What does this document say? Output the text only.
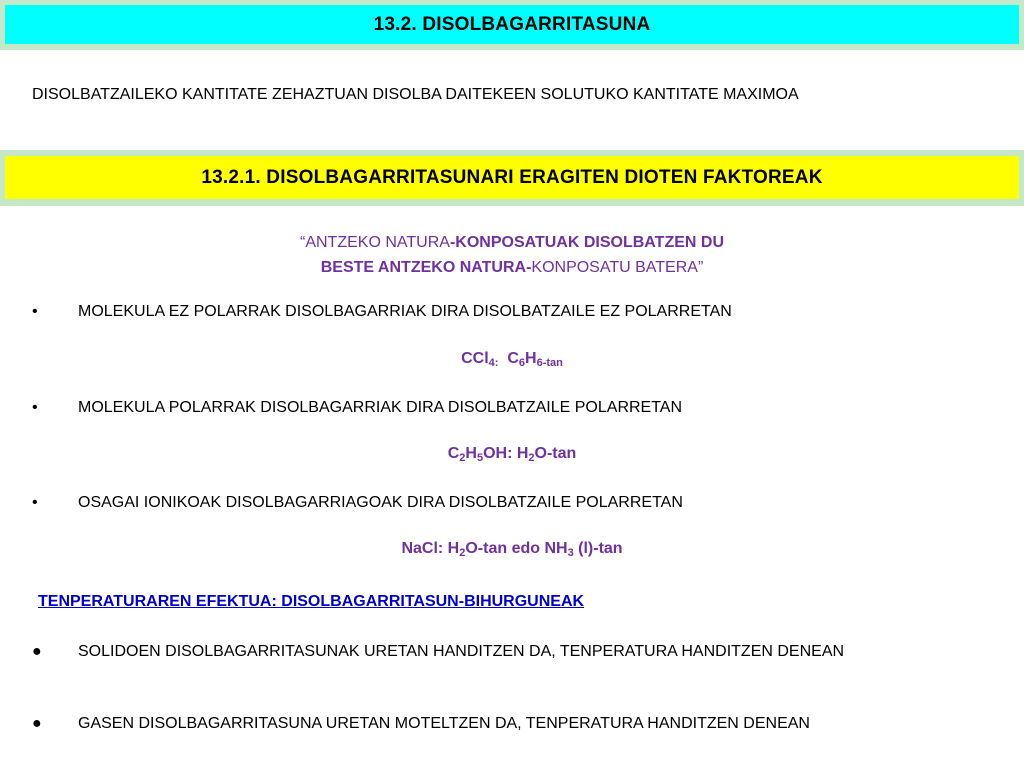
13.2. DISOLBAGARRITASUNA
DISOLBATZAILEKO KANTITATE ZEHAZTUAN DISOLBA DAITEKEEN SOLUTUKO KANTITATE MAXIMOA
13.2.1. DISOLBAGARRITASUNARI ERAGITEN DIOTEN FAKTOREAK
“ANTZEKO NATURA-KONPOSATUAK DISOLBATZEN DU
BESTE ANTZEKO NATURA-KONPOSATU BATERA”
•	MOLEKULA EZ POLARRAK DISOLBAGARRIAK DIRA DISOLBATZAILE EZ POLARRETAN
CCl$_{4:}$ $C_6H_{6-tan}$
•	MOLEKULA POLARRAK DISOLBAGARRIAK DIRA DISOLBATZAILE POLARRETAN
$C_2H_5OH$: $H_2O-\tan$
•	OSAGAI IONIKOAK DISOLBAGARRIAGOAK DIRA DISOLBATZAILE POLARRETAN
NaCl: $H_2O-\tan$ edo $NH_3$ (l)-tan
TENPERATURAREN EFEKTUA: DISOLBAGARRITASUN-BIHURGUNEAK
● SOLIDOEN DISOLBAGARRITASUNAK URETAN HANDITZEN DA, TENPERATURA HANDITZEN DENEAN
● GASEN DISOLBAGARRITASUNA URETAN MOTELTZEN DA, TENPERATURA HANDITZEN DENEAN
